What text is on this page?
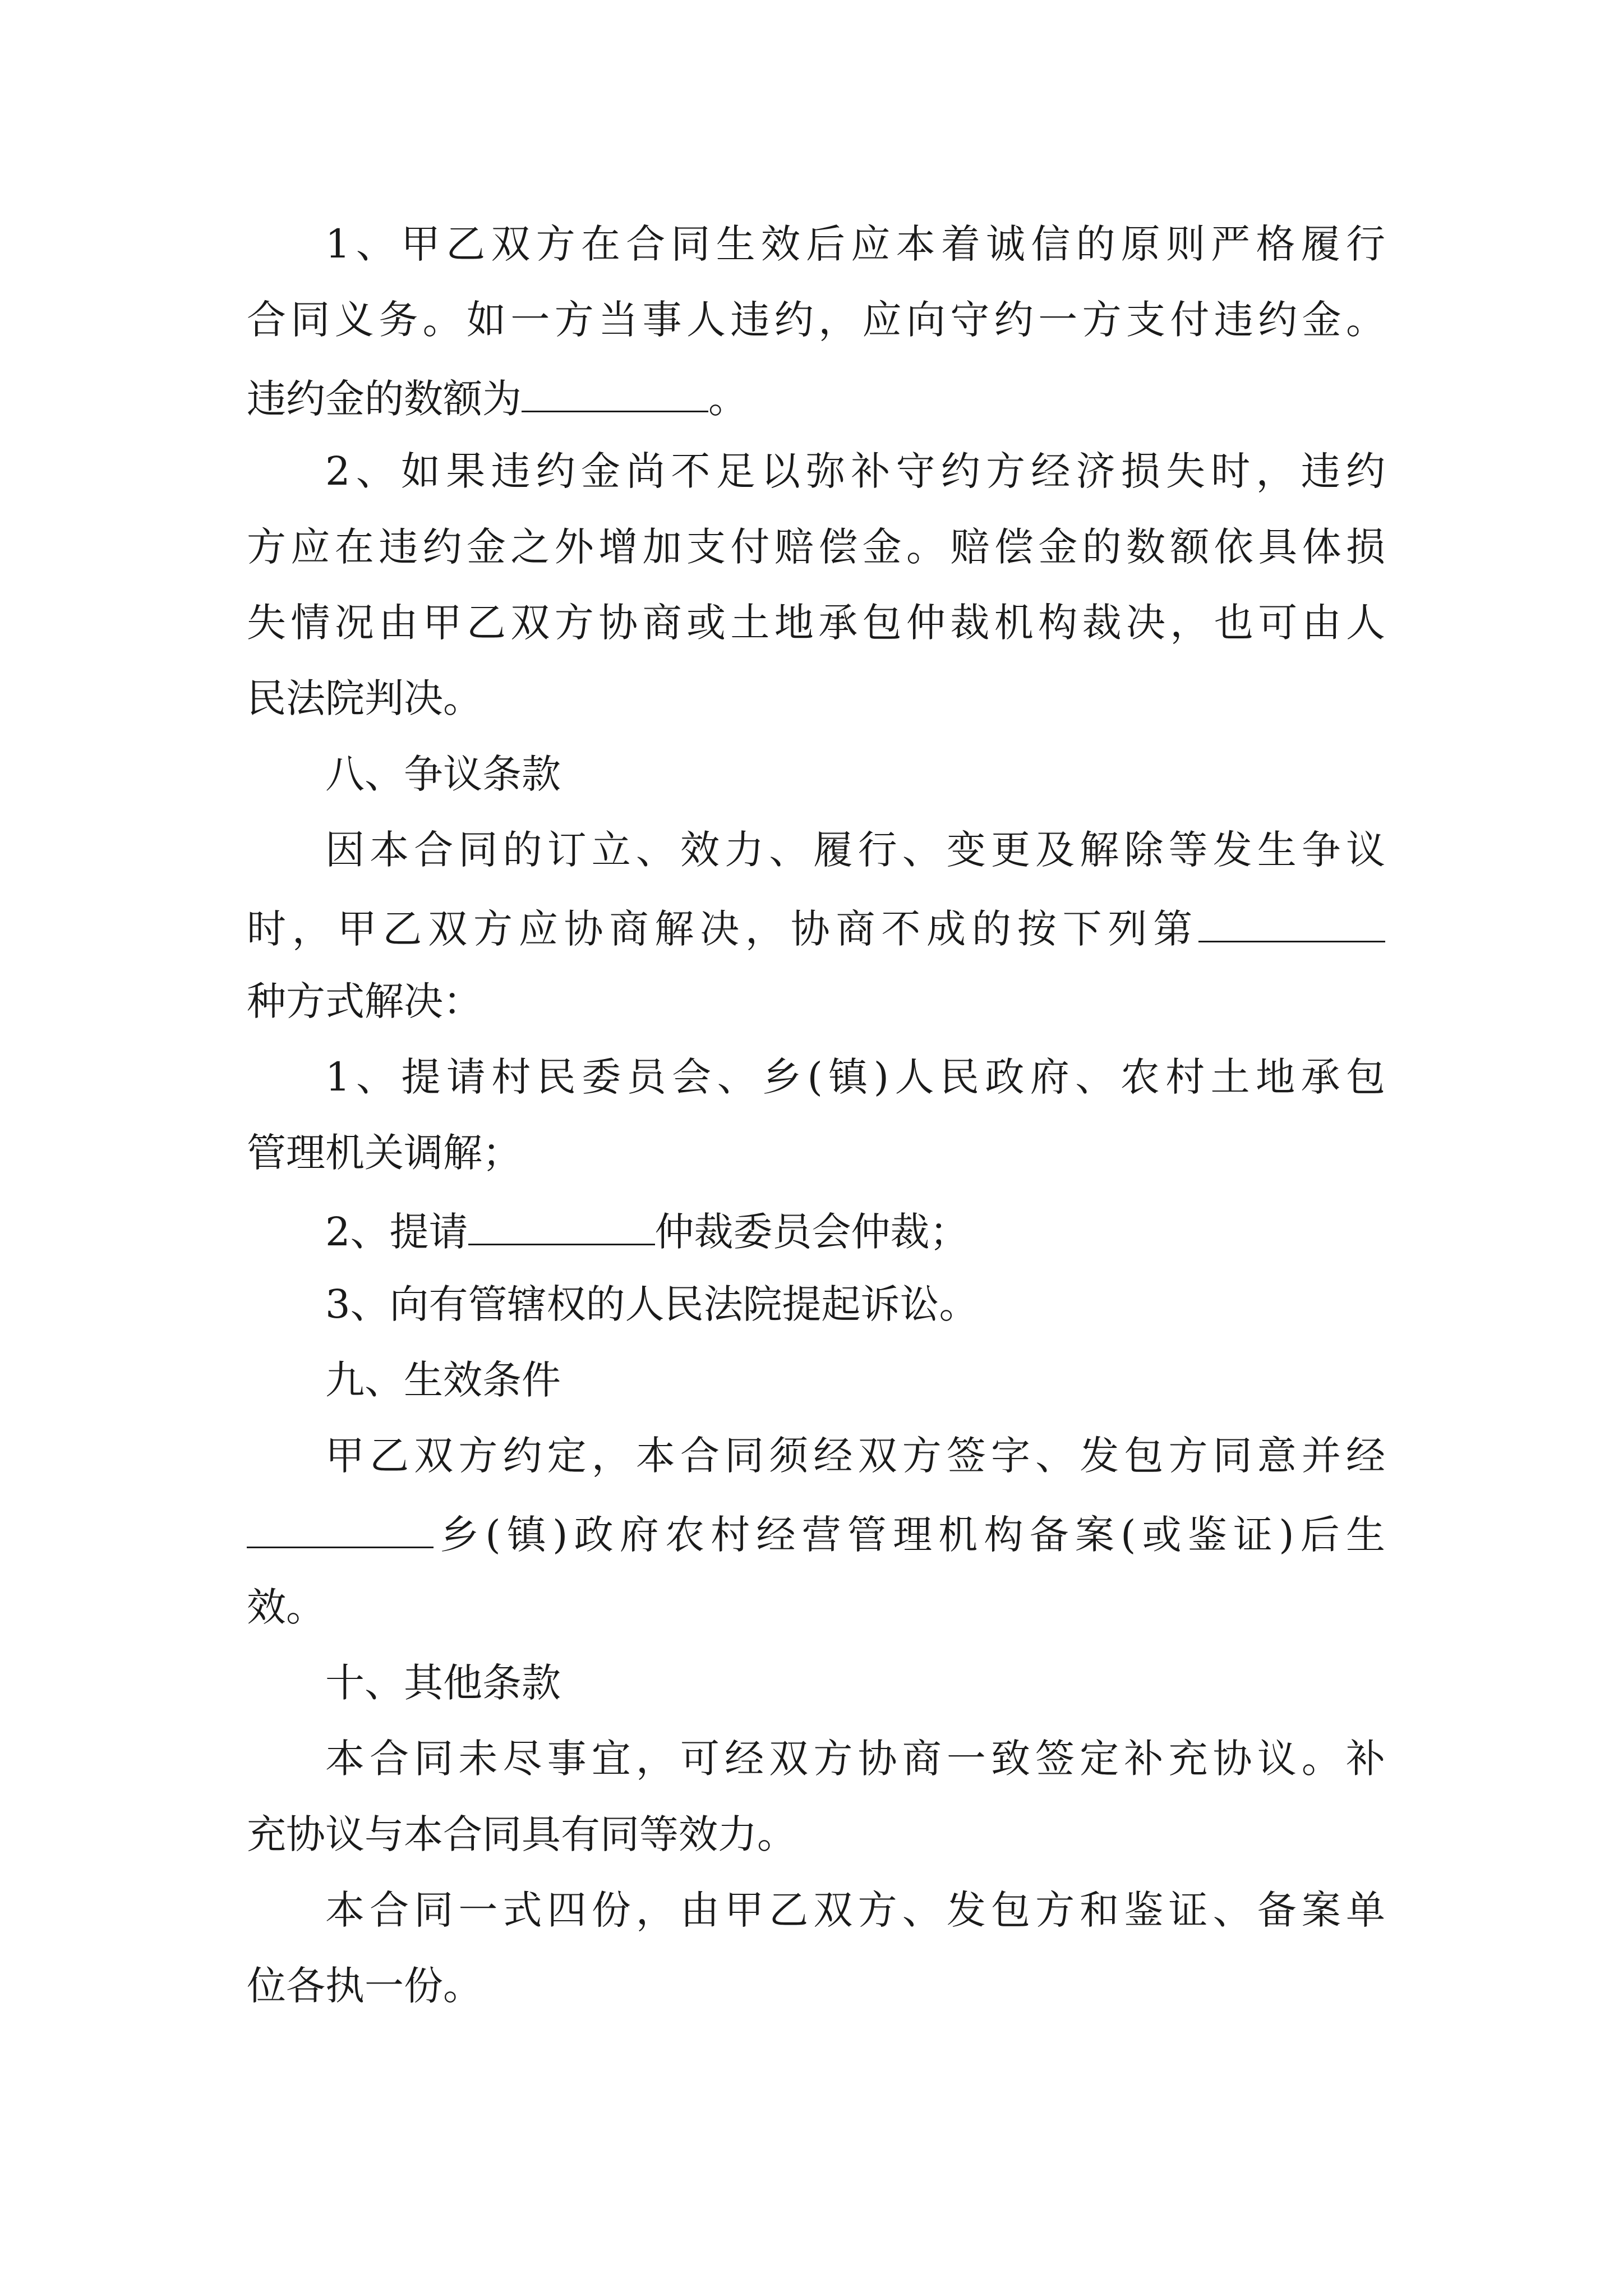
1、甲乙双方在合同生效后应本着诚信的原则严格履行

合同义务。如一方当事人违约，应向守约一方支付违约金。

违约金的数额为	。

2、如果违约金尚不足以弥补守约方经济损失时，违约

方应在违约金之外增加支付赔偿金。赔偿金的数额依具体损

失情况由甲乙双方协商或土地承包仲裁机构裁决，也可由人

民法院判决。

八、争议条款

因本合同的订立、效力、履行、变更及解除等发生争议

时，甲乙双方应协商解决，协商不成的按下列第

种方式解决：

1、提请村民委员会、乡(镇)人民政府、农村土地承包

管理机关调解；

2、提请	仲裁委员会仲裁；

3、向有管辖权的人民法院提起诉讼。

九、生效条件

甲乙双方约定，本合同须经双方签字、发包方同意并经

乡(镇)政府农村经营管理机构备案(或鉴证)后生

效。

十、其他条款

本合同未尽事宜，可经双方协商一致签定补充协议。补

充协议与本合同具有同等效力。

本合同一式四份，由甲乙双方、发包方和鉴证、备案单

位各执一份。
